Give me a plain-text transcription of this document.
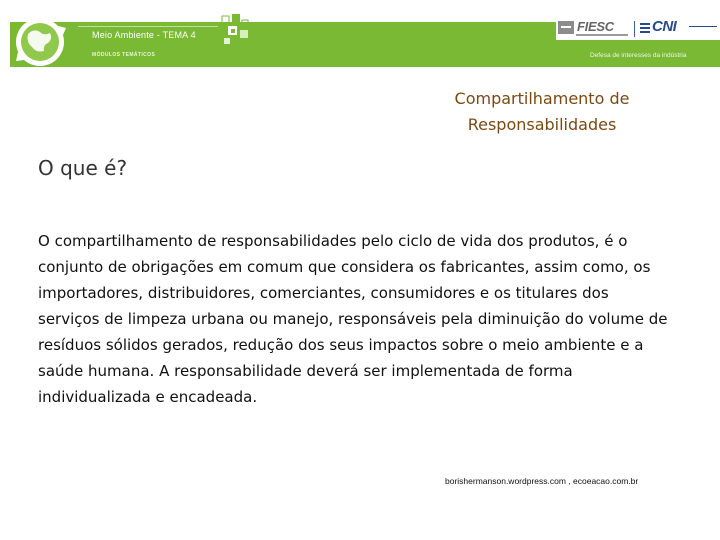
Meio Ambiente - TEMA 4
MÓDULOS TEMÁTICOS
FIESC	CNI
Defesa de interesses da indústria
Compartilhamento de
Responsabilidades
O que é?
O compartilhamento de responsabilidades pelo ciclo de vida dos produtos, é o conjunto de obrigações em comum que considera os fabricantes, assim como, os importadores, distribuidores, comerciantes, consumidores e os titulares dos serviços de limpeza urbana ou manejo, responsáveis pela diminuição do volume de resíduos sólidos gerados, redução dos seus impactos sobre o meio ambiente e a saúde humana. A responsabilidade deverá ser implementada de forma individualizada e encadeada.
borishermanson.wordpress.com , ecoeacao.com.br
